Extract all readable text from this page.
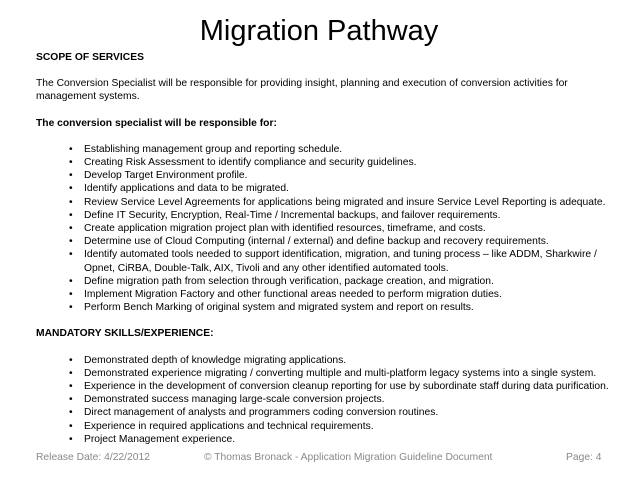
Migration Pathway

SCOPE OF SERVICES

The Conversion Specialist will be responsible for providing insight, planning and execution of conversion activities for management systems.

The conversion specialist will be responsible for:

• Establishing management group and reporting schedule.
• Creating Risk Assessment to identify compliance and security guidelines.
• Develop Target Environment profile.
• Identify applications and data to be migrated.
• Review Service Level Agreements for applications being migrated and insure Service Level Reporting is adequate.
• Define IT Security, Encryption, Real-Time / Incremental backups, and failover requirements.
• Create application migration project plan with identified resources, timeframe, and costs.
• Determine use of Cloud Computing (internal / external) and define backup and recovery requirements.
• Identify automated tools needed to support identification, migration, and tuning process – like ADDM, Sharkwire / Opnet, CiRBA, Double-Talk, AIX, Tivoli and any other identified automated tools.
• Define migration path from selection through verification, package creation, and migration.
• Implement Migration Factory and other functional areas needed to perform migration duties.
• Perform Bench Marking of original system and migrated system and report on results.

MANDATORY SKILLS/EXPERIENCE:

• Demonstrated depth of knowledge migrating applications.
• Demonstrated experience migrating / converting multiple and multi-platform legacy systems into a single system.
• Experience in the development of conversion cleanup reporting for use by subordinate staff during data purification.
• Demonstrated success managing large-scale conversion projects.
• Direct management of analysts and programmers coding conversion routines.
• Experience in required applications and technical requirements.
• Project Management experience.
Release Date: 4/22/2012	© Thomas Bronack - Application Migration Guideline Document	Page: 4
